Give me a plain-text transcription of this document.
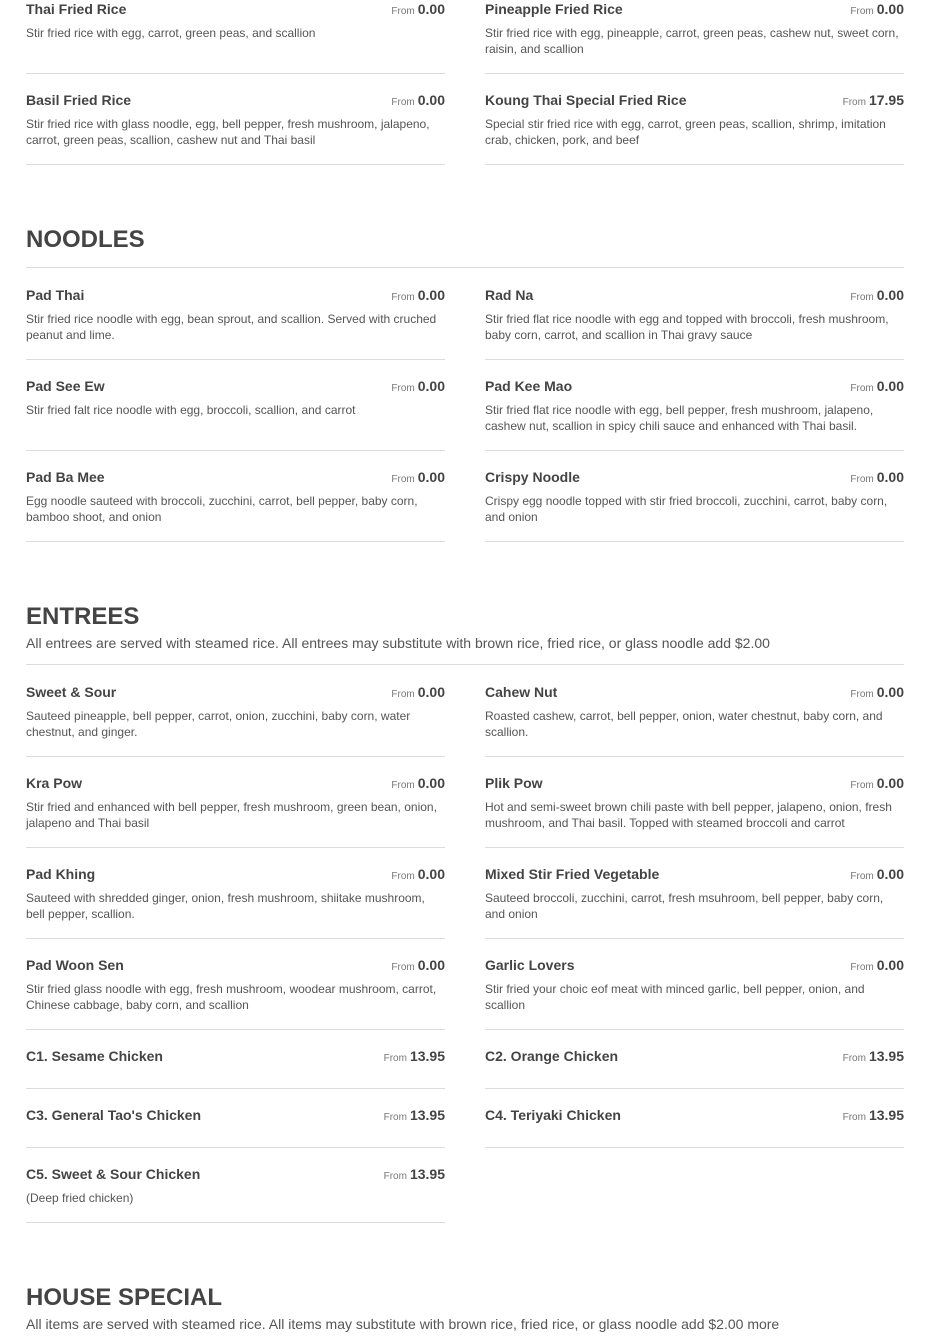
Thai Fried Rice	From 0.00
Stir fried rice with egg, carrot, green peas, and scallion
Pineapple Fried Rice	From 0.00
Stir fried rice with egg, pineapple, carrot, green peas, cashew nut, sweet corn, raisin, and scallion
Basil Fried Rice	From 0.00
Stir fried rice with glass noodle, egg, bell pepper, fresh mushroom, jalapeno, carrot, green peas, scallion, cashew nut and Thai basil
Koung Thai Special Fried Rice	From 17.95
Special stir fried rice with egg, carrot, green peas, scallion, shrimp, imitation crab, chicken, pork, and beef
NOODLES
Pad Thai	From 0.00
Stir fried rice noodle with egg, bean sprout, and scallion. Served with cruched peanut and lime.
Rad Na	From 0.00
Stir fried flat rice noodle with egg and topped with broccoli, fresh mushroom, baby corn, carrot, and scallion in Thai gravy sauce
Pad See Ew	From 0.00
Stir fried falt rice noodle with egg, broccoli, scallion, and carrot
Pad Kee Mao	From 0.00
Stir fried flat rice noodle with egg, bell pepper, fresh mushroom, jalapeno, cashew nut, scallion in spicy chili sauce and enhanced with Thai basil.
Pad Ba Mee	From 0.00
Egg noodle sauteed with broccoli, zucchini, carrot, bell pepper, baby corn, bamboo shoot, and onion
Crispy Noodle	From 0.00
Crispy egg noodle topped with stir fried broccoli, zucchini, carrot, baby corn, and onion
ENTREES
All entrees are served with steamed rice. All entrees may substitute with brown rice, fried rice, or glass noodle add $2.00
Sweet & Sour	From 0.00
Sauteed pineapple, bell pepper, carrot, onion, zucchini, baby corn, water chestnut, and ginger.
Cahew Nut	From 0.00
Roasted cashew, carrot, bell pepper, onion, water chestnut, baby corn, and scallion.
Kra Pow	From 0.00
Stir fried and enhanced with bell pepper, fresh mushroom, green bean, onion, jalapeno and Thai basil
Plik Pow	From 0.00
Hot and semi-sweet brown chili paste with bell pepper, jalapeno, onion, fresh mushroom, and Thai basil. Topped with steamed broccoli and carrot
Pad Khing	From 0.00
Sauteed with shredded ginger, onion, fresh mushroom, shiitake mushroom, bell pepper, scallion.
Mixed Stir Fried Vegetable	From 0.00
Sauteed broccoli, zucchini, carrot, fresh msuhroom, bell pepper, baby corn, and onion
Pad Woon Sen	From 0.00
Stir fried glass noodle with egg, fresh mushroom, woodear mushroom, carrot, Chinese cabbage, baby corn, and scallion
Garlic Lovers	From 0.00
Stir fried your choic eof meat with minced garlic, bell pepper, onion, and scallion
C1. Sesame Chicken	From 13.95	C2. Orange Chicken	From 13.95
C3. General Tao's Chicken	From 13.95	C4. Teriyaki Chicken	From 13.95
C5. Sweet & Sour Chicken	From 13.95
(Deep fried chicken)
HOUSE SPECIAL
All items are served with steamed rice. All items may substitute with brown rice, fried rice, or glass noodle add $2.00 more
